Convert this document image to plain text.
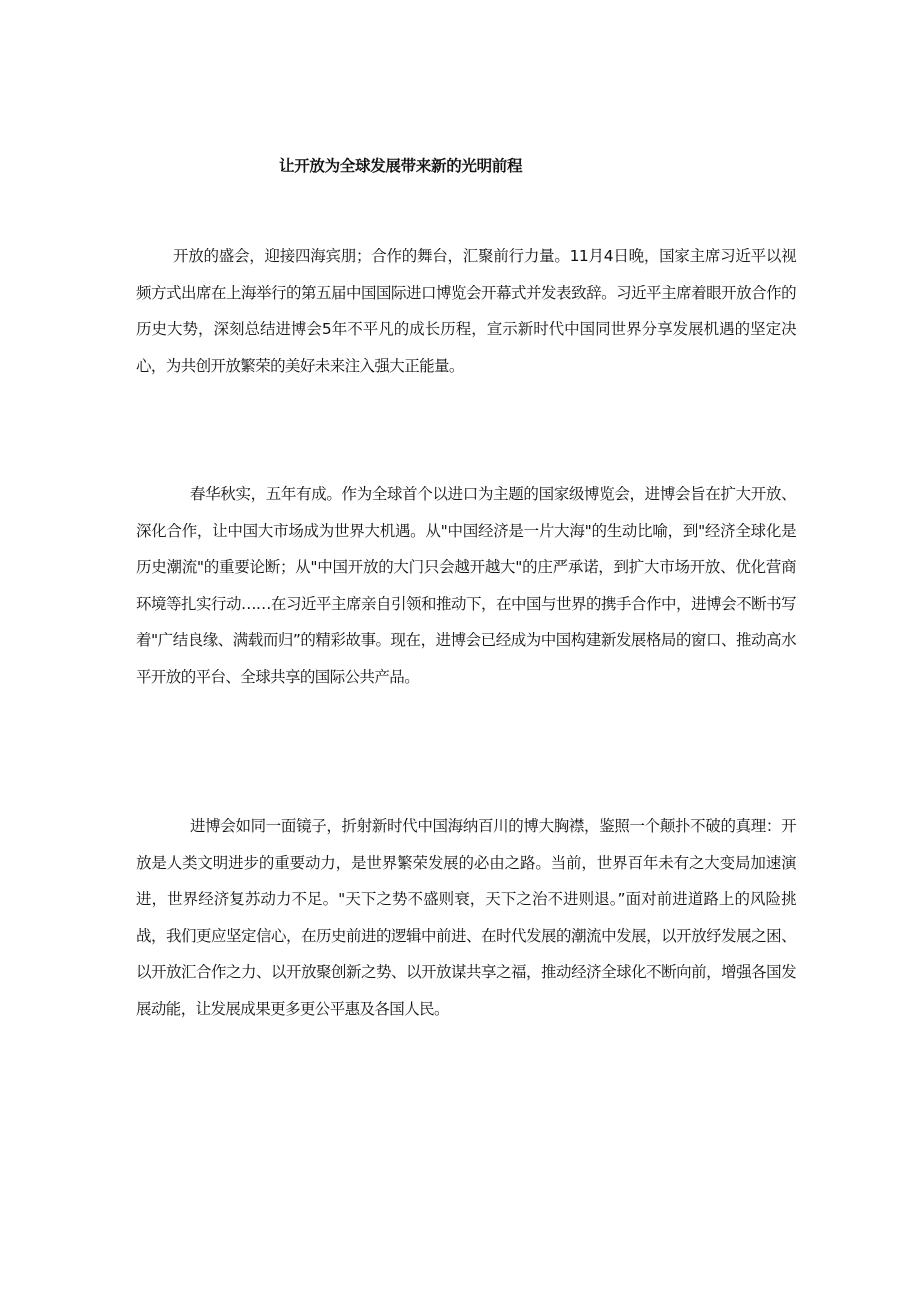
让开放为全球发展带来新的光明前程

开放的盛会，迎接四海宾朋；合作的舞台，汇聚前行力量。11月4日晚，国家主席习近平以视频方式出席在上海举行的第五届中国国际进口博览会开幕式并发表致辞。习近平主席着眼开放合作的历史大势，深刻总结进博会5年不平凡的成长历程，宣示新时代中国同世界分享发展机遇的坚定决心，为共创开放繁荣的美好未来注入强大正能量。

春华秋实，五年有成。作为全球首个以进口为主题的国家级博览会，进博会旨在扩大开放、深化合作，让中国大市场成为世界大机遇。从"中国经济是一片大海"的生动比喻，到"经济全球化是历史潮流"的重要论断；从"中国开放的大门只会越开越大"的庄严承诺，到扩大市场开放、优化营商环境等扎实行动……在习近平主席亲自引领和推动下，在中国与世界的携手合作中，进博会不断书写着"广结良缘、满载而归”的精彩故事。现在，进博会已经成为中国构建新发展格局的窗口、推动高水平开放的平台、全球共享的国际公共产品。

进博会如同一面镜子，折射新时代中国海纳百川的博大胸襟，鉴照一个颠扑不破的真理：开放是人类文明进步的重要动力，是世界繁荣发展的必由之路。当前，世界百年未有之大变局加速演进，世界经济复苏动力不足。"天下之势不盛则衰，天下之治不进则退。”面对前进道路上的风险挑战，我们更应坚定信心，在历史前进的逻辑中前进、在时代发展的潮流中发展，以开放纾发展之困、以开放汇合作之力、以开放聚创新之势、以开放谋共享之福，推动经济全球化不断向前，增强各国发展动能，让发展成果更多更公平惠及各国人民。
